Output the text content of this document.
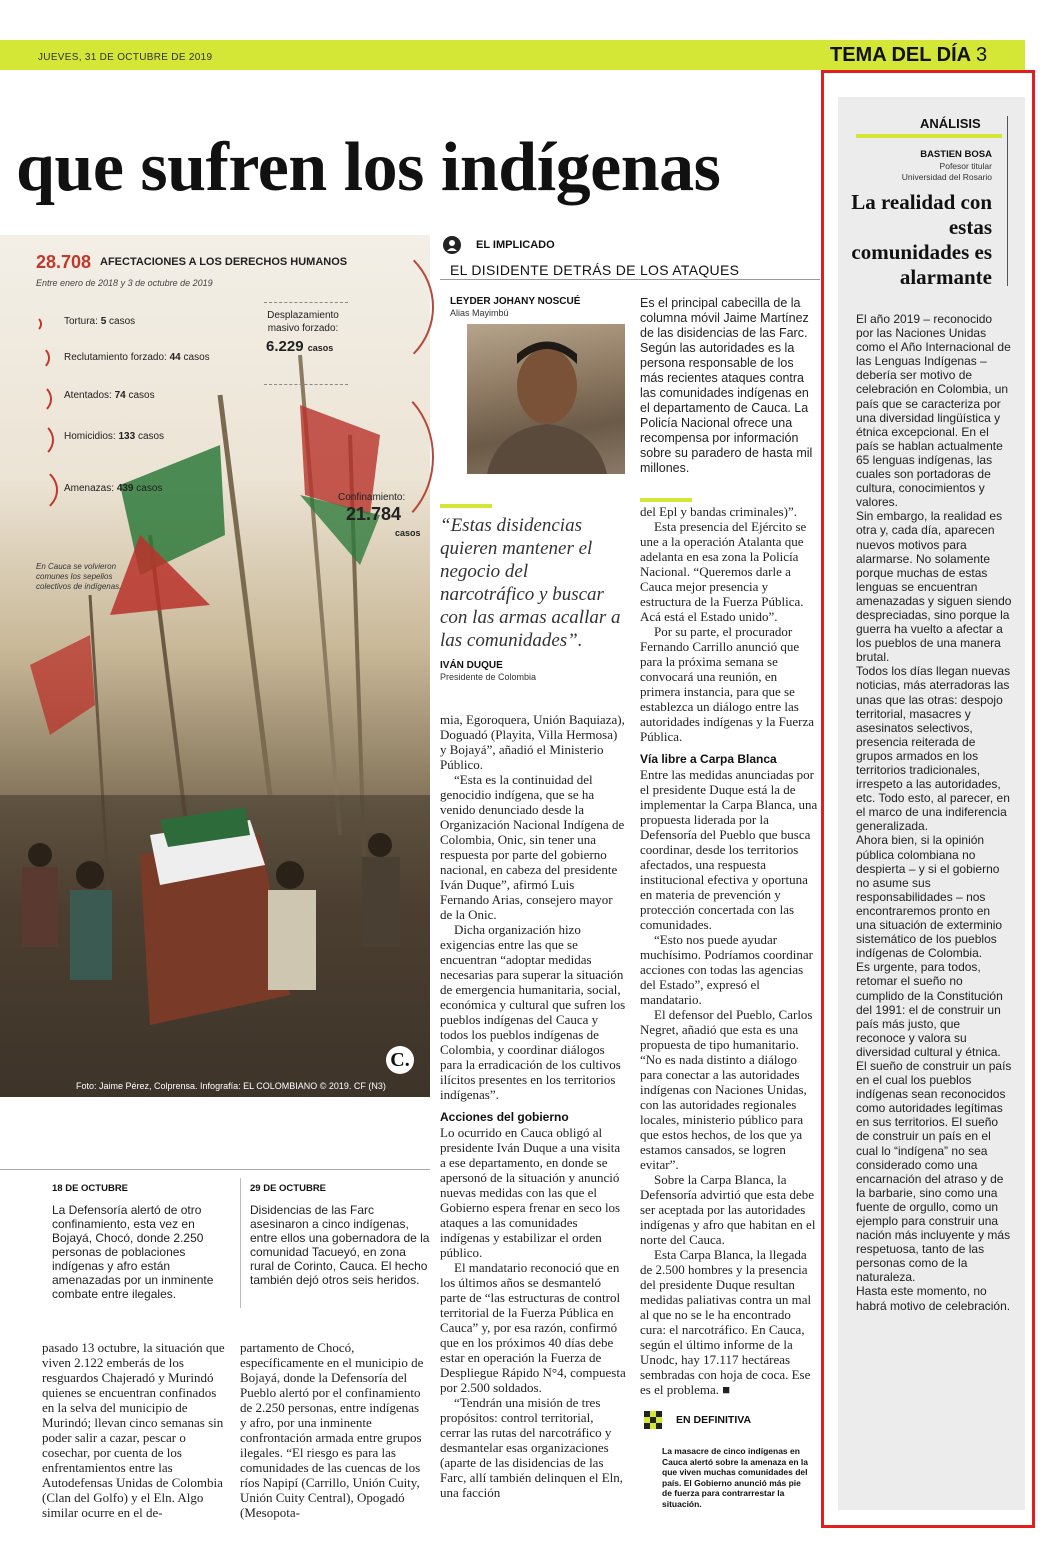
JUEVES, 31 DE OCTUBRE DE 2019	TEMA DEL DÍA 3
que sufren los indígenas
28.708 AFECTACIONES A LOS DERECHOS HUMANOS
Entre enero de 2018 y 3 de octubre de 2019
Tortura: 5 casos
Reclutamiento forzado: 44 casos
Atentados: 74 casos
Homicidios: 133 casos
Amenazas: 439 casos
Desplazamiento masivo forzado:
6.229 casos
Confinamiento:
21.784
casos
En Cauca se volvieron comunes los sepelios colectivos de indígenas.
Foto: Jaime Pérez, Colprensa. Infografía: EL COLOMBIANO © 2019. CF (N3)
C.
EL IMPLICADO
EL DISIDENTE DETRÁS DE LOS ATAQUES
LEYDER JOHANY NOSCUÉ
Alias Mayimbú
Es el principal cabecilla de la columna móvil Jaime Martínez de las disidencias de las Farc. Según las autoridades es la persona responsable de los más recientes ataques contra las comunidades indígenas en el departamento de Cauca. La Policía Nacional ofrece una recompensa por información sobre su paradero de hasta mil millones.
“Estas disidencias quieren mantener el negocio del narcotráfico y buscar con las armas acallar a las comunidades”.
IVÁN DUQUE
Presidente de Colombia

mia, Egoroquera, Unión Baquiaza), Doguadó (Playita, Villa Hermosa) y Bojayá”, añadió el Ministerio Público.

“Esta es la continuidad del genocidio indígena, que se ha venido denunciado desde la Organización Nacional Indígena de Colombia, Onic, sin tener una respuesta por parte del gobierno nacional, en cabeza del presidente Iván Duque”, afirmó Luis Fernando Arias, consejero mayor de la Onic.

Dicha organización hizo exigencias entre las que se encuentran “adoptar medidas necesarias para superar la situación de emergencia humanitaria, social, económica y cultural que sufren los pueblos indígenas del Cauca y todos los pueblos indígenas de Colombia, y coordinar diálogos para la erradicación de los cultivos ilícitos presentes en los territorios indígenas”.

Acciones del gobierno

Lo ocurrido en Cauca obligó al presidente Iván Duque a una visita a ese departamento, en donde se apersonó de la situación y anunció nuevas medidas con las que el Gobierno espera frenar en seco los ataques a las comunidades indígenas y estabilizar el orden público.

El mandatario reconoció que en los últimos años se desmanteló parte de “las estructuras de control territorial de la Fuerza Pública en Cauca” y, por esa razón, confirmó que en los próximos 40 días debe estar en operación la Fuerza de Despliegue Rápido N°4, compuesta por 2.500 soldados.

“Tendrán una misión de tres propósitos: control territorial, cerrar las rutas del narcotráfico y desmantelar esas organizaciones (aparte de las disidencias de las Farc, allí también delinquen el Eln, una facción

del Epl y bandas criminales)”.

Esta presencia del Ejército se une a la operación Atalanta que adelanta en esa zona la Policía Nacional. “Queremos darle a Cauca mejor presencia y estructura de la Fuerza Pública. Acá está el Estado unido”.

Por su parte, el procurador Fernando Carrillo anunció que para la próxima semana se convocará una reunión, en primera instancia, para que se establezca un diálogo entre las autoridades indígenas y la Fuerza Pública.

Vía libre a Carpa Blanca

Entre las medidas anunciadas por el presidente Duque está la de implementar la Carpa Blanca, una propuesta liderada por la Defensoría del Pueblo que busca coordinar, desde los territorios afectados, una respuesta institucional efectiva y oportuna en materia de prevención y protección concertada con las comunidades.

“Esto nos puede ayudar muchísimo. Podríamos coordinar acciones con todas las agencias del Estado”, expresó el mandatario.

El defensor del Pueblo, Carlos Negret, añadió que esta es una propuesta de tipo humanitario. “No es nada distinto a diálogo para conectar a las autoridades indígenas con Naciones Unidas, con las autoridades regionales locales, ministerio público para que estos hechos, de los que ya estamos cansados, se logren evitar”.

Sobre la Carpa Blanca, la Defensoría advirtió que esta debe ser aceptada por las autoridades indígenas y afro que habitan en el norte del Cauca.

Esta Carpa Blanca, la llegada de 2.500 hombres y la presencia del presidente Duque resultan medidas paliativas contra un mal al que no se le ha encontrado cura: el narcotráfico. En Cauca, según el último informe de la Unodc, hay 17.117 hectáreas sembradas con hoja de coca. Ese es el problema. ■

EN DEFINITIVA
La masacre de cinco indígenas en Cauca alertó sobre la amenaza en la que viven muchas comunidades del país. El Gobierno anunció más pie de fuerza para contrarrestar la situación.
18 DE OCTUBRE
La Defensoría alertó de otro confinamiento, esta vez en Bojayá, Chocó, donde 2.250 personas de poblaciones indígenas y afro están amenazadas por un inminente combate entre ilegales.
29 DE OCTUBRE
Disidencias de las Farc asesinaron a cinco indígenas, entre ellos una gobernadora de la comunidad Tacueyó, en zona rural de Corinto, Cauca. El hecho también dejó otros seis heridos.
pasado 13 octubre, la situación que viven 2.122 emberás de los resguardos Chajeradó y Murindó quienes se encuentran confinados en la selva del municipio de Murindó; llevan cinco semanas sin poder salir a cazar, pescar o cosechar, por cuenta de los enfrentamientos entre las Autodefensas Unidas de Colombia (Clan del Golfo) y el Eln. Algo similar ocurre en el de-
partamento de Chocó, específicamente en el municipio de Bojayá, donde la Defensoría del Pueblo alertó por el confinamiento de 2.250 personas, entre indígenas y afro, por una inminente confrontación armada entre grupos ilegales. “El riesgo es para las comunidades de las cuencas de los ríos Napipí (Carrillo, Unión Cuity, Unión Cuity Central), Opogadó (Mesopota-
ANÁLISIS
BASTIEN BOSA
Pofesor titular
Universidad del Rosario
La realidad con estas comunidades es alarmante
El año 2019 – reconocido por las Naciones Unidas como el Año Internacional de las Lenguas Indígenas – debería ser motivo de celebración en Colombia, un país que se caracteriza por una diversidad lingüística y étnica excepcional. En el país se hablan actualmente 65 lenguas indígenas, las cuales son portadoras de cultura, conocimientos y valores.
Sin embargo, la realidad es otra y, cada día, aparecen nuevos motivos para alarmarse. No solamente porque muchas de estas lenguas se encuentran amenazadas y siguen siendo despreciadas, sino porque la guerra ha vuelto a afectar a los pueblos de una manera brutal.
Todos los días llegan nuevas noticias, más aterradoras las unas que las otras: despojo territorial, masacres y asesinatos selectivos, presencia reiterada de grupos armados en los territorios tradicionales, irrespeto a las autoridades, etc. Todo esto, al parecer, en el marco de una indiferencia generalizada.
Ahora bien, si la opinión pública colombiana no despierta – y si el gobierno no asume sus responsabilidades – nos encontraremos pronto en una situación de exterminio sistemático de los pueblos indígenas de Colombia.
Es urgente, para todos, retomar el sueño no cumplido de la Constitución del 1991: el de construir un país más justo, que reconoce y valora su diversidad cultural y étnica. El sueño de construir un país en el cual los pueblos indígenas sean reconocidos como autoridades legítimas en sus territorios. El sueño de construir un país en el cual lo “indígena” no sea considerado como una encarnación del atraso y de la barbarie, sino como una fuente de orgullo, como un ejemplo para construir una nación más incluyente y más respetuosa, tanto de las personas como de la naturaleza.
Hasta este momento, no habrá motivo de celebración.
